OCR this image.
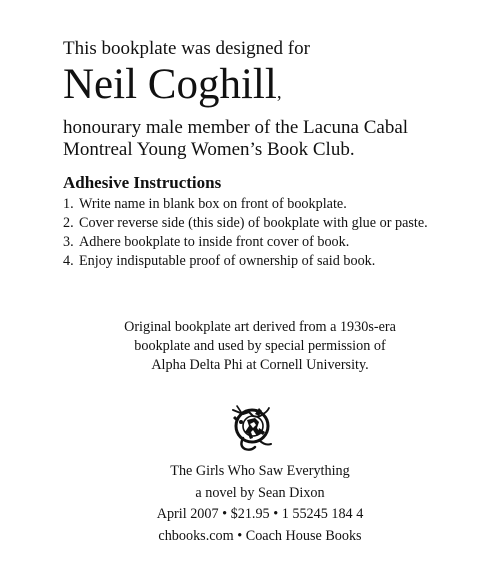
This bookplate was designed for
Neil Coghill,
honourary male member of the Lacuna Cabal
Montreal Young Women’s Book Club.
Adhesive Instructions
1. Write name in blank box on front of bookplate.
2. Cover reverse side (this side) of bookplate with glue or paste.
3. Adhere bookplate to inside front cover of book.
4. Enjoy indisputable proof of ownership of said book.
Original bookplate art derived from a 1930s-era
bookplate and used by special permission of
Alpha Delta Phi at Cornell University.
The Girls Who Saw Everything
a novel by Sean Dixon
April 2007 • $21.95 • 1 55245 184 4
chbooks.com • Coach House Books
